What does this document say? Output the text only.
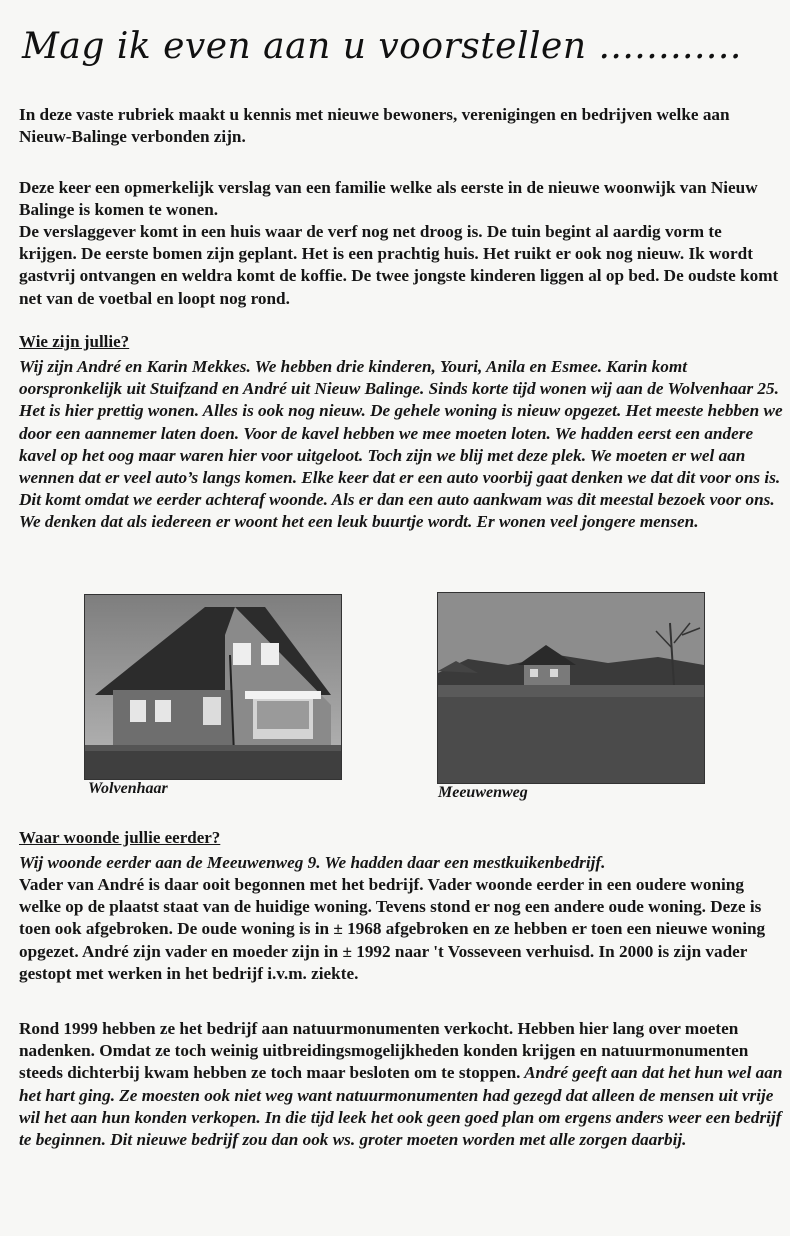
Mag ik even aan u voorstellen ............

In deze vaste rubriek maakt u kennis met nieuwe bewoners, verenigingen en bedrijven welke aan Nieuw-Balinge verbonden zijn.

Deze keer een opmerkelijk verslag van een familie welke als eerste in de nieuwe woonwijk van Nieuw Balinge is komen te wonen.

De verslaggever komt in een huis waar de verf nog net droog is. De tuin begint al aardig vorm te krijgen. De eerste bomen zijn geplant. Het is een prachtig huis. Het ruikt er ook nog nieuw. Ik wordt gastvrij ontvangen en weldra komt de koffie. De twee jongste kinderen liggen al op bed. De oudste komt net van de voetbal en loopt nog rond.

Wie zijn jullie?

Wij zijn André en Karin Mekkes. We hebben drie kinderen, Youri, Anila en Esmee. Karin komt oorspronkelijk uit Stuifzand en André uit Nieuw Balinge. Sinds korte tijd wonen wij aan de Wolvenhaar 25. Het is hier prettig wonen. Alles is ook nog nieuw. De gehele woning is nieuw opgezet. Het meeste hebben we door een aannemer laten doen. Voor de kavel hebben we mee moeten loten. We hadden eerst een andere kavel op het oog maar waren hier voor uitgeloot. Toch zijn we blij met deze plek. We moeten er wel aan wennen dat er veel auto’s langs komen. Elke keer dat er een auto voorbij gaat denken we dat dit voor ons is. Dit komt omdat we eerder achteraf woonde. Als er dan een auto aankwam was dit meestal bezoek voor ons. We denken dat als iedereen er woont het een leuk buurtje wordt. Er wonen veel jongere mensen.

Wolvenhaar	Meeuwenweg

Waar woonde jullie eerder?

Wij woonde eerder aan de Meeuwenweg 9. We hadden daar een mestkuikenbedrijf.

Vader van André is daar ooit begonnen met het bedrijf. Vader woonde eerder in een oudere woning welke op de plaatst staat van de huidige woning. Tevens stond er nog een andere oude woning. Deze is toen ook afgebroken. De oude woning is in ± 1968 afgebroken en ze hebben er toen een nieuwe woning opgezet. André zijn vader en moeder zijn in ± 1992 naar 't Vosseveen verhuisd. In 2000 is zijn vader gestopt met werken in het bedrijf i.v.m. ziekte.

Rond 1999 hebben ze het bedrijf aan natuurmonumenten verkocht. Hebben hier lang over moeten nadenken. Omdat ze toch weinig uitbreidingsmogelijkheden konden krijgen en natuurmonumenten steeds dichterbij kwam hebben ze toch maar besloten om te stoppen. André geeft aan dat het hun wel aan het hart ging. Ze moesten ook niet weg want natuurmonumenten had gezegd dat alleen de mensen uit vrije wil het aan hun konden verkopen. In die tijd leek het ook geen goed plan om ergens anders weer een bedrijf te beginnen. Dit nieuwe bedrijf zou dan ook ws. groter moeten worden met alle zorgen daarbij.
